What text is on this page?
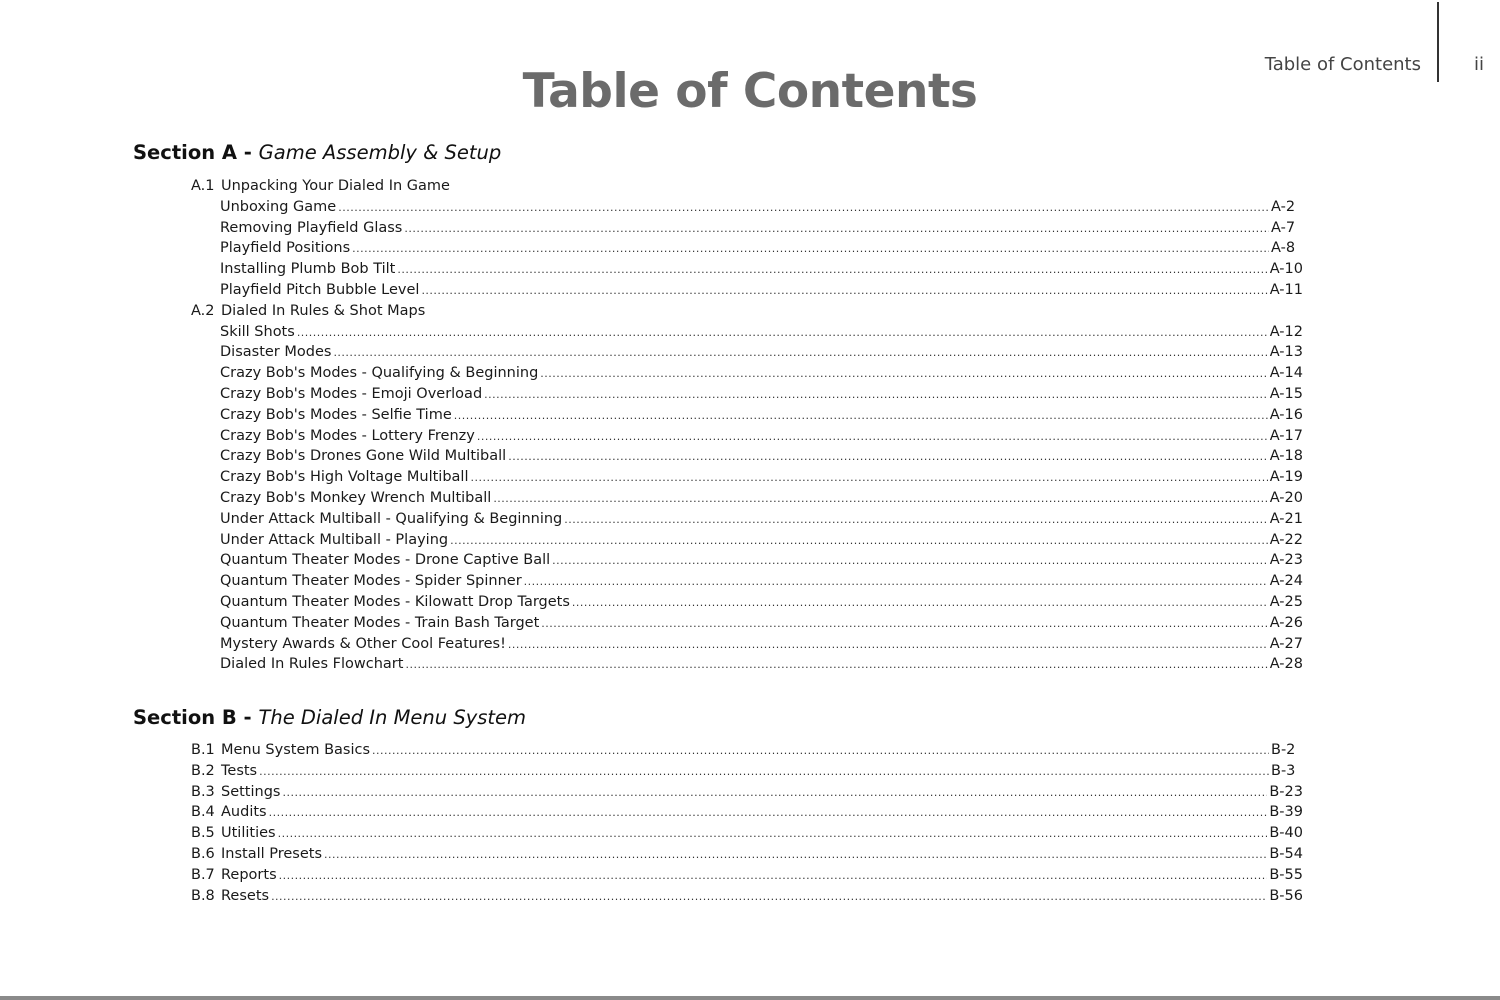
Table of Contents	ii
Table of Contents
Section A - Game Assembly & Setup
A.1 Unpacking Your Dialed In Game
Unboxing Game .....	A-2
Removing Playfield Glass .....	A-7
Playfield Positions .....	A-8
Installing Plumb Bob Tilt .....	A-10
Playfield Pitch Bubble Level .....	A-11
A.2 Dialed In Rules & Shot Maps
Skill Shots .....	A-12
Disaster Modes .....	A-13
Crazy Bob's Modes - Qualifying & Beginning .....	A-14
Crazy Bob's Modes - Emoji Overload .....	A-15
Crazy Bob's Modes - Selfie Time .....	A-16
Crazy Bob's Modes - Lottery Frenzy .....	A-17
Crazy Bob's Drones Gone Wild Multiball .....	A-18
Crazy Bob's High Voltage Multiball .....	A-19
Crazy Bob's Monkey Wrench Multiball .....	A-20
Under Attack Multiball - Qualifying & Beginning .....	A-21
Under Attack Multiball - Playing .....	A-22
Quantum Theater Modes - Drone Captive Ball .....	A-23
Quantum Theater Modes - Spider Spinner .....	A-24
Quantum Theater Modes - Kilowatt Drop Targets .....	A-25
Quantum Theater Modes - Train Bash Target .....	A-26
Mystery Awards & Other Cool Features! .....	A-27
Dialed In Rules Flowchart .....	A-28
Section B - The Dialed In Menu System
B.1 Menu System Basics .....	B-2
B.2 Tests .....	B-3
B.3 Settings .....	B-23
B.4 Audits .....	B-39
B.5 Utilities .....	B-40
B.6 Install Presets .....	B-54
B.7 Reports .....	B-55
B.8 Resets .....	B-56
